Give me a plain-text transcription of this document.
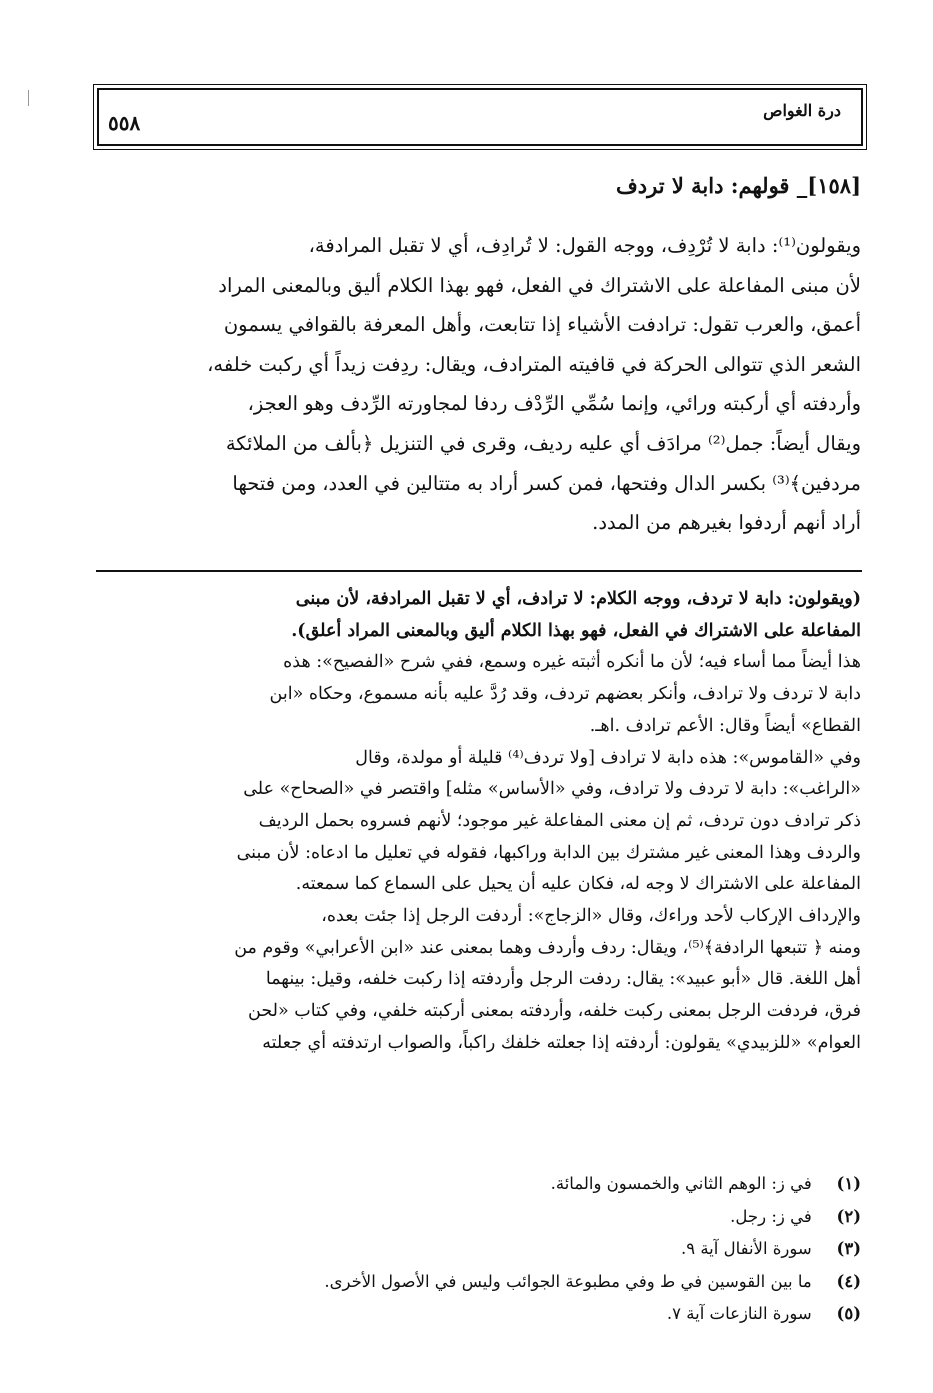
درة الغواص
٥٥٨
[١٥٨]_ قولهم: دابة لا تردف
ويقولون⁽¹⁾: دابة لا تُرْدِف، ووجه القول: لا تُرادِف، أي لا تقبل المرادفة،
لأن مبنى المفاعلة على الاشتراك في الفعل، فهو بهذا الكلام أليق وبالمعنى المراد
أعمق، والعرب تقول: ترادفت الأشياء إذا تتابعت، وأهل المعرفة بالقوافي يسمون
الشعر الذي تتوالى الحركة في قافيته المترادف، ويقال: ردِفت زيداً أي ركبت خلفه،
وأردفته أي أركبته ورائي، وإنما سُمِّي الرِّدْف ردفا لمجاورته الرِّدف وهو العجز،
ويقال أيضاً: جمل⁽²⁾ مرادَف أي عليه رديف، وقرى في التنزيل ﴿بألف من الملائكة
مردفين﴾⁽³⁾ بكسر الدال وفتحها، فمن كسر أراد به متتالين في العدد، ومن فتحها
أراد أنهم أردفوا بغيرهم من المدد.
(ويقولون: دابة لا تردف، ووجه الكلام: لا ترادف، أي لا تقبل المرادفة، لأن مبنى
المفاعلة على الاشتراك في الفعل، فهو بهذا الكلام أليق وبالمعنى المراد أعلق).
هذا أيضاً مما أساء فيه؛ لأن ما أنكره أثبته غيره وسمع، ففي شرح «الفصيح»: هذه
دابة لا تردف ولا ترادف، وأنكر بعضهم تردف، وقد رُدَّ عليه بأنه مسموع، وحكاه «ابن
القطاع» أيضاً وقال: الأعم ترادف .اهـ.
وفي «القاموس»: هذه دابة لا ترادف [ولا تردف⁽⁴⁾ قليلة أو مولدة، وقال
«الراغب»: دابة لا تردف ولا ترادف، وفي «الأساس» مثله] واقتصر في «الصحاح» على
ذكر ترادف دون تردف، ثم إن معنى المفاعلة غير موجود؛ لأنهم فسروه بحمل الرديف
والردف وهذا المعنى غير مشترك بين الدابة وراكبها، فقوله في تعليل ما ادعاه: لأن مبنى
المفاعلة على الاشتراك لا وجه له، فكان عليه أن يحيل على السماع كما سمعته.
والإرداف الإركاب لأحد وراءك، وقال «الزجاج»: أردفت الرجل إذا جئت بعده،
ومنه ﴿ تتبعها الرادفة﴾⁽⁵⁾، ويقال: ردف وأردف وهما بمعنى عند «ابن الأعرابي» وقوم من
أهل اللغة. قال «أبو عبيد»: يقال: ردفت الرجل وأردفته إذا ركبت خلفه، وقيل: بينهما
فرق، فردفت الرجل بمعنى ركبت خلفه، وأردفته بمعنى أركبته خلفي، وفي كتاب «لحن
العوام» «للزبيدي» يقولون: أردفته إذا جعلته خلفك راكباً، والصواب ارتدفته أي جعلته
(١) في ز: الوهم الثاني والخمسون والمائة.
(٢) في ز: رجل.
(٣) سورة الأنفال آية ٩.
(٤) ما بين القوسين في ط وفي مطبوعة الجوائب وليس في الأصول الأخرى.
(٥) سورة النازعات آية ٧.
